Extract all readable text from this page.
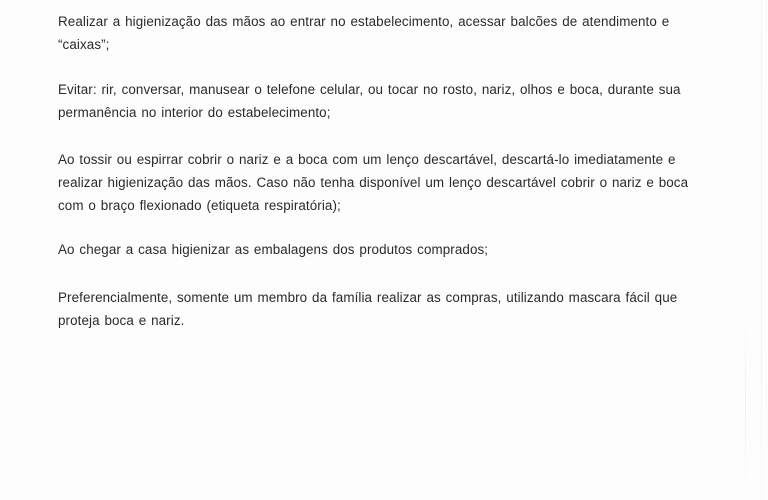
Realizar a higienização das mãos ao entrar no estabelecimento, acessar balcões de atendimento e
“caixas”;
Evitar: rir, conversar, manusear o telefone celular, ou tocar no rosto, nariz, olhos e boca, durante sua
permanência no interior do estabelecimento;
Ao tossir ou espirrar cobrir o nariz e a boca com um lenço descartável, descartá-lo imediatamente e
realizar higienização das mãos. Caso não tenha disponível um lenço descartável cobrir o nariz e boca
com o braço flexionado (etiqueta respiratória);
Ao chegar a casa higienizar as embalagens dos produtos comprados;
Preferencialmente, somente um membro da família realizar as compras, utilizando mascara fácil que
proteja boca e nariz.
